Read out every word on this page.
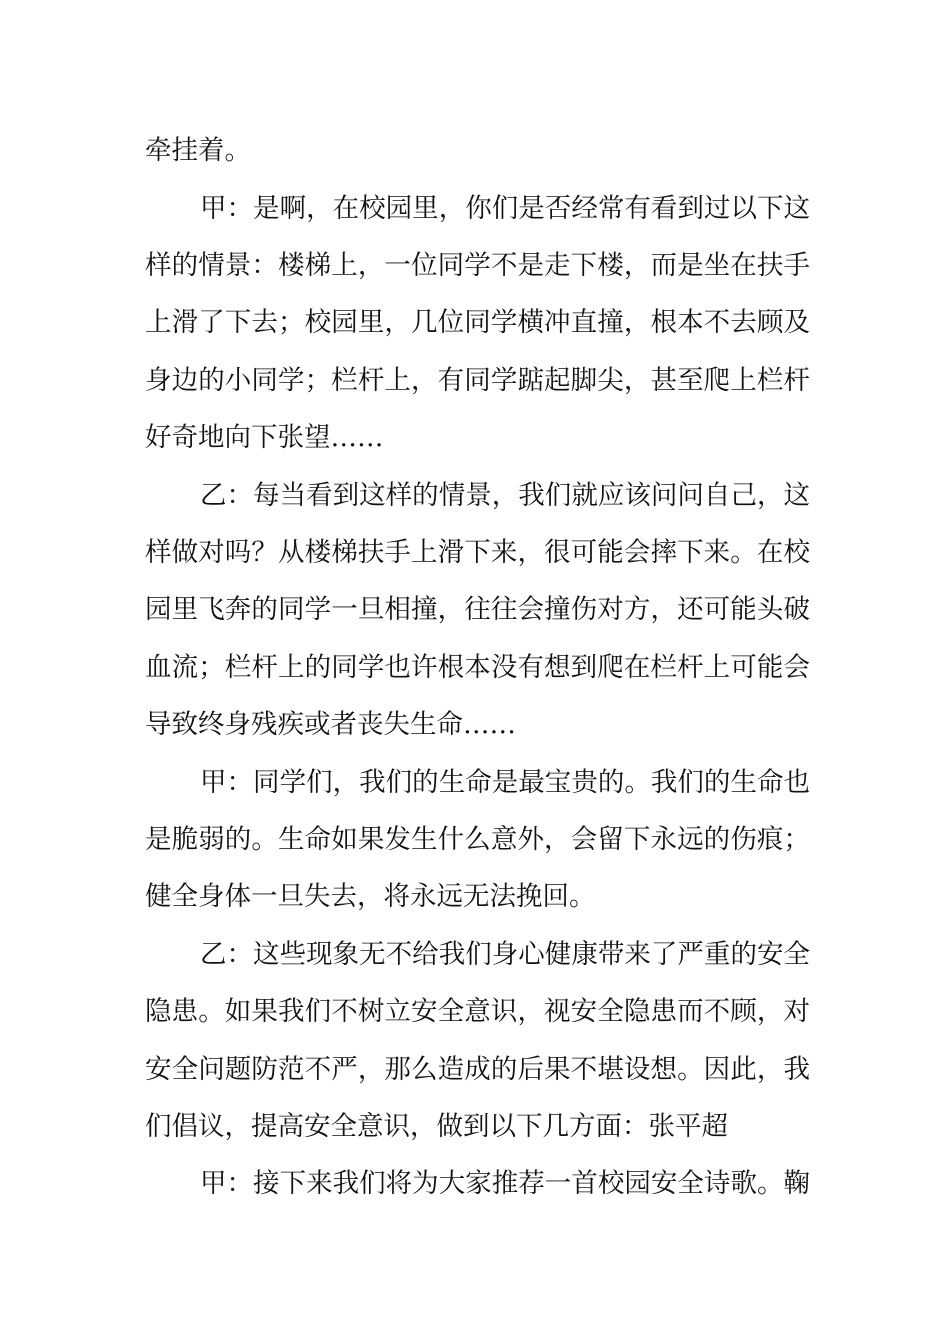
牵挂着。
甲：是啊，在校园里，你们是否经常有看到过以下这
样的情景：楼梯上，一位同学不是走下楼，而是坐在扶手
上滑了下去；校园里，几位同学横冲直撞，根本不去顾及
身边的小同学；栏杆上，有同学踮起脚尖，甚至爬上栏杆
好奇地向下张望……
乙：每当看到这样的情景，我们就应该问问自己，这
样做对吗？从楼梯扶手上滑下来，很可能会摔下来。在校
园里飞奔的同学一旦相撞，往往会撞伤对方，还可能头破
血流；栏杆上的同学也许根本没有想到爬在栏杆上可能会
导致终身残疾或者丧失生命……
甲：同学们，我们的生命是最宝贵的。我们的生命也
是脆弱的。生命如果发生什么意外，会留下永远的伤痕；
健全身体一旦失去，将永远无法挽回。
乙：这些现象无不给我们身心健康带来了严重的安全
隐患。如果我们不树立安全意识，视安全隐患而不顾，对
安全问题防范不严，那么造成的后果不堪设想。因此，我
们倡议，提高安全意识，做到以下几方面：张平超
甲：接下来我们将为大家推荐一首校园安全诗歌。鞠
